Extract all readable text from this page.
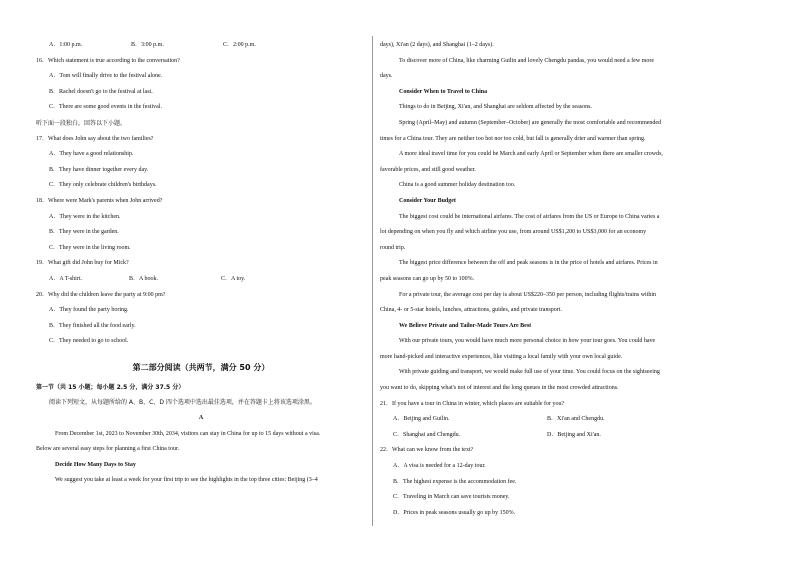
A．1:00 p.m.	B．3:00 p.m.	C．2:00 p.m.
16．Which statement is true according to the conversation?
A．Tom will finally drive to the festival alone.
B．Rachel doesn't go to the festival at last.
C．There are some good events in the festival.
听下面一段独白，回答以下小题。
17．What does John say about the two families?
A．They have a good relationship.
B．They have dinner together every day.
C．They only celebrate children's birthdays.
18．Where were Mark's parents when John arrived?
A．They were in the kitchen.
B．They were in the garden.
C．They were in the living room.
19．What gift did John buy for Mick?
A．A T-shirt.	B．A book.	C．A toy.
20．Why did the children leave the party at 9:00 pm?
A．They found the party boring.
B．They finished all the food early.
C．They needed to go to school.
第二部分阅读（共两节，满分 50 分）
第一节（共 15 小题；每小题 2.5 分，满分 37.5 分）
阅读下列短文，从每题所给的 A、B、C、D 四个选项中选出最佳选项，并在答题卡上将该选项涂黑。
A
From December 1st, 2023 to November 30th, 2034, visitors can stay in China for up to 15 days without a visa.
Below are several easy steps for planning a first China tour.
Decide How Many Days to Stay
We suggest you take at least a week for your first trip to see the highlights in the top three cities: Beijing (3–4
days), Xi'an (2 days), and Shanghai (1–2 days).
To discover more of China, like charming Guilin and lovely Chengdu pandas, you would need a few more
days.
Consider When to Travel to China
Things to do in Beijing, Xi'an, and Shanghai are seldom affected by the seasons.
Spring (April–May) and autumn (September–October) are generally the most comfortable and recommended
times for a China tour. They are neither too hot nor too cold, but fall is generally drier and warmer than spring.
A more ideal travel time for you could be March and early April or September when there are smaller crowds,
favorable prices, and still good weather.
China is a good summer holiday destination too.
Consider Your Budget
The biggest cost could be international airfares. The cost of airfares from the US or Europe to China varies a
lot depending on when you fly and which airline you use, from around US$1,200 to US$3,000 for an economy
round trip.
The biggest price difference between the off and peak seasons is in the price of hotels and airfares. Prices in
peak seasons can go up by 50 to 100%.
For a private tour, the average cost per day is about US$220–350 per person, including flights/trains within
China, 4- or 5-star hotels, lunches, attractions, guides, and private transport.
We Believe Private and Tailor-Made Tours Are Best
With our private tours, you would have much more personal choice in how your tour goes. You could have
more hand-picked and interactive experiences, like visiting a local family with your own local guide.
With private guiding and transport, we would make full use of your time. You could focus on the sightseeing
you want to do, skipping what's not of interest and the long queues in the most crowded attractions.
21．If you have a tour in China in winter, which places are suitable for you?
A．Beijing and Guilin.	B．Xi'an and Chengdu.
C．Shanghai and Chengdu.	D．Beijing and Xi'an.
22．What can we know from the text?
A．A visa is needed for a 12-day tour.
B．The highest expense is the accommodation fee.
C．Traveling in March can save tourists money.
D．Prices in peak seasons usually go up by 150%.
